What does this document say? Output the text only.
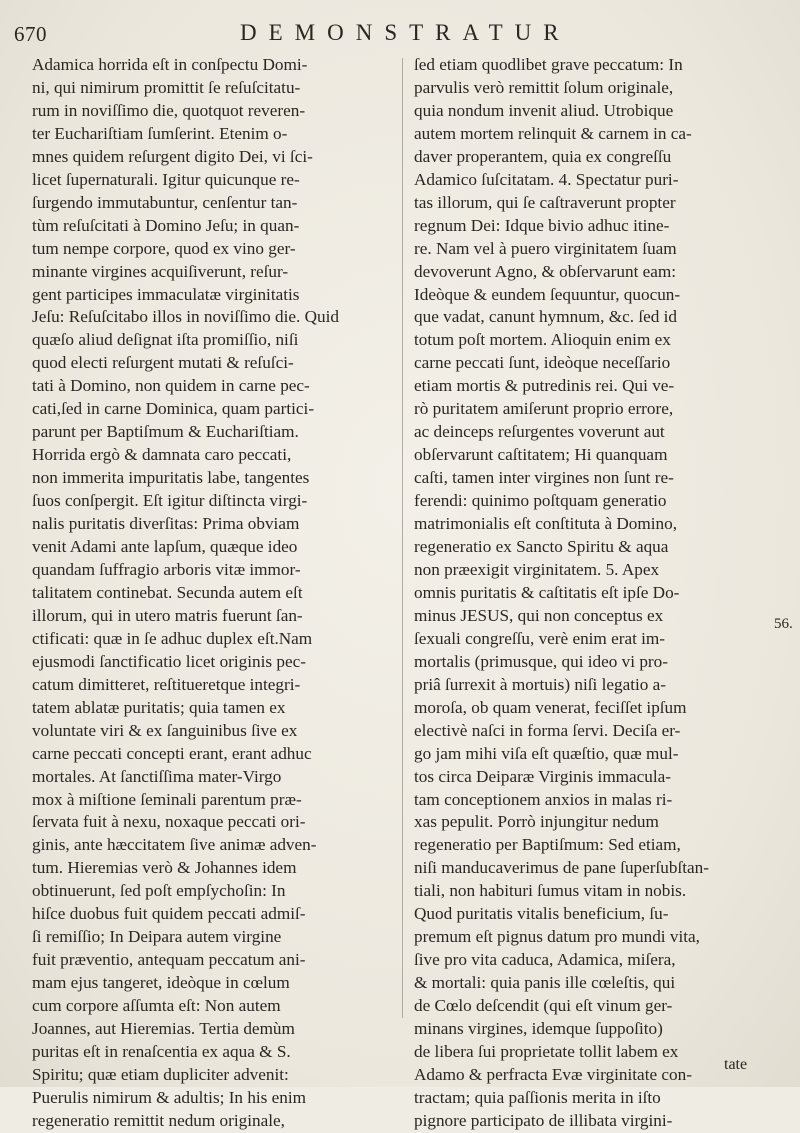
670	DEMONSTRATUR
Adamica horrida eſt in conſpectu Domi-
ni, qui nimirum promittit ſe reſuſcitatu-
rum in noviſſimo die, quotquot reveren-
ter Euchariſtiam ſumſerint. Etenim o-
mnes quidem reſurgent digito Dei, vi ſci-
licet ſupernaturali. Igitur quicunque re-
ſurgendo immutabuntur, cenſentur tan-
tùm reſuſcitati à Domino Jeſu; in quan-
tum nempe corpore, quod ex vino ger-
minante virgines acquiſiverunt, reſur-
gent participes immaculatæ virginitatis
Jeſu: Reſuſcitabo illos in noviſſimo die. Quid
quæſo aliud deſignat iſta promiſſio, niſi
quod electi reſurgent mutati & reſuſci-
tati à Domino, non quidem in carne pec-
cati,ſed in carne Dominica, quam partici-
parunt per Baptiſmum & Euchariſtiam.
Horrida ergò & damnata caro peccati,
non immerita impuritatis labe, tangentes
ſuos conſpergit. Eſt igitur diſtincta virgi-
nalis puritatis diverſitas: Prima obviam
venit Adami ante lapſum, quæque ideo
quandam ſuffragio arboris vitæ immor-
talitatem continebat. Secunda autem eſt
illorum, qui in utero matris fuerunt ſan-
ctificati: quæ in ſe adhuc duplex eſt.Nam
ejusmodi ſanctificatio licet originis pec-
catum dimitteret, reſtitueretque integri-
tatem ablatæ puritatis; quia tamen ex
voluntate viri & ex ſanguinibus ſive ex
carne peccati concepti erant, erant adhuc
mortales. At ſanctiſſima mater-Virgo
mox à miſtione ſeminali parentum præ-
ſervata fuit à nexu, noxaque peccati ori-
ginis, ante hæccitatem ſive animæ adven-
tum. Hieremias verò & Johannes idem
obtinuerunt, ſed poſt empſychoſin: In
hiſce duobus fuit quidem peccati admiſ-
ſi remiſſio; In Deipara autem virgine
fuit præventio, antequam peccatum ani-
mam ejus tangeret, ideòque in cœlum
cum corpore aſſumta eſt: Non autem
Joannes, aut Hieremias. Tertia demùm
puritas eſt in renaſcentia ex aqua & S.
Spiritu; quæ etiam dupliciter advenit:
Puerulis nimirum & adultis; In his enim
regeneratio remittit nedum originale,
ſed etiam quodlibet grave peccatum: In
parvulis verò remittit ſolum originale,
quia nondum invenit aliud. Utrobique
autem mortem relinquit & carnem in ca-
daver properantem, quia ex congreſſu
Adamico ſuſcitatam. 4. Spectatur puri-
tas illorum, qui ſe caſtraverunt propter
regnum Dei: Idque bivio adhuc itine-
re. Nam vel à puero virginitatem ſuam
devoverunt Agno, & obſervarunt eam:
Ideòque & eundem ſequuntur, quocun-
que vadat, canunt hymnum, &c. ſed id
totum poſt mortem. Alioquin enim ex
carne peccati ſunt, ideòque neceſſario
etiam mortis & putredinis rei. Qui ve-
rò puritatem amiſerunt proprio errore,
ac deinceps reſurgentes voverunt aut
obſervarunt caſtitatem; Hi quanquam
caſti, tamen inter virgines non ſunt re-
ferendi: quinimo poſtquam generatio
matrimonialis eſt conſtituta à Domino,
regeneratio ex Sancto Spiritu & aqua
non præexigit virginitatem. 5. Apex
omnis puritatis & caſtitatis eſt ipſe Do-
minus JESUS, qui non conceptus ex
ſexuali congreſſu, verè enim erat im-
mortalis (primusque, qui ideo vi pro-
priâ ſurrexit à mortuis) niſi legatio a-
moroſa, ob quam venerat, feciſſet ipſum
electivè naſci in forma ſervi. Deciſa er-
go jam mihi viſa eſt quæſtio, quæ mul-
tos circa Deiparæ Virginis immacula-
tam conceptionem anxios in malas ri-
xas pepulit. Porrò injungitur nedum
regeneratio per Baptiſmum: Sed etiam,
niſi manducaverimus de pane ſuperſubſtan-
tiali, non habituri ſumus vitam in nobis.
Quod puritatis vitalis beneficium, ſu-
premum eſt pignus datum pro mundi vita,
ſive pro vita caduca, Adamica, miſera,
& mortali: quia panis ille cœleſtis, qui
de Cœlo deſcendit (qui eſt vinum ger-
minans virgines, idemque ſuppoſito)
de libera ſui proprietate tollit labem ex
Adamo & perfracta Evæ virginitate con-
tractam; quia paſſionis merita in iſto
pignore participato de illibata virgini-
56.
tate
